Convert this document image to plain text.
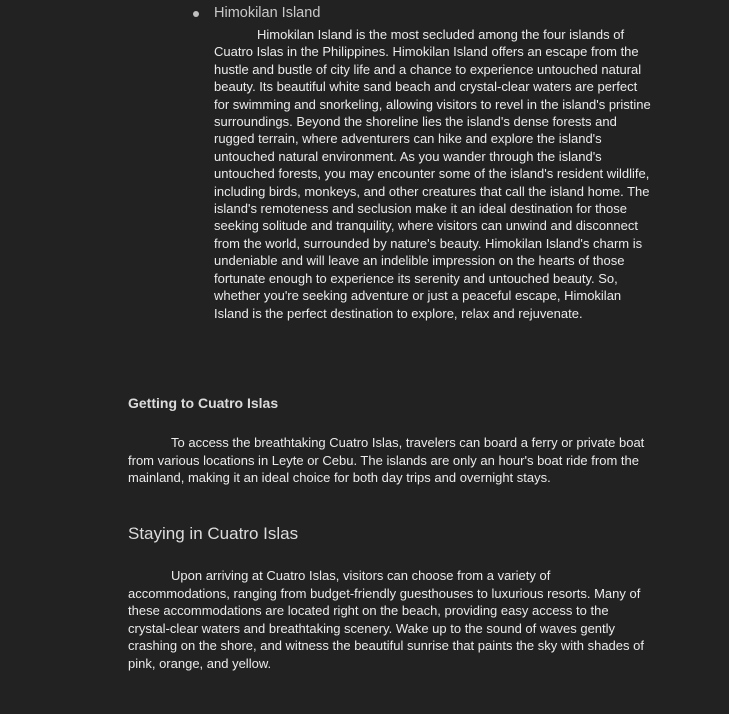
Himokilan Island

Himokilan Island is the most secluded among the four islands of Cuatro Islas in the Philippines. Himokilan Island offers an escape from the hustle and bustle of city life and a chance to experience untouched natural beauty. Its beautiful white sand beach and crystal-clear waters are perfect for swimming and snorkeling, allowing visitors to revel in the island's pristine surroundings. Beyond the shoreline lies the island's dense forests and rugged terrain, where adventurers can hike and explore the island's untouched natural environment. As you wander through the island's untouched forests, you may encounter some of the island's resident wildlife, including birds, monkeys, and other creatures that call the island home. The island's remoteness and seclusion make it an ideal destination for those seeking solitude and tranquility, where visitors can unwind and disconnect from the world, surrounded by nature's beauty. Himokilan Island's charm is undeniable and will leave an indelible impression on the hearts of those fortunate enough to experience its serenity and untouched beauty. So, whether you're seeking adventure or just a peaceful escape, Himokilan Island is the perfect destination to explore, relax and rejuvenate.

Getting to Cuatro Islas

To access the breathtaking Cuatro Islas, travelers can board a ferry or private boat from various locations in Leyte or Cebu. The islands are only an hour's boat ride from the mainland, making it an ideal choice for both day trips and overnight stays.

Staying in Cuatro Islas

Upon arriving at Cuatro Islas, visitors can choose from a variety of accommodations, ranging from budget-friendly guesthouses to luxurious resorts. Many of these accommodations are located right on the beach, providing easy access to the crystal-clear waters and breathtaking scenery. Wake up to the sound of waves gently crashing on the shore, and witness the beautiful sunrise that paints the sky with shades of pink, orange, and yellow.
